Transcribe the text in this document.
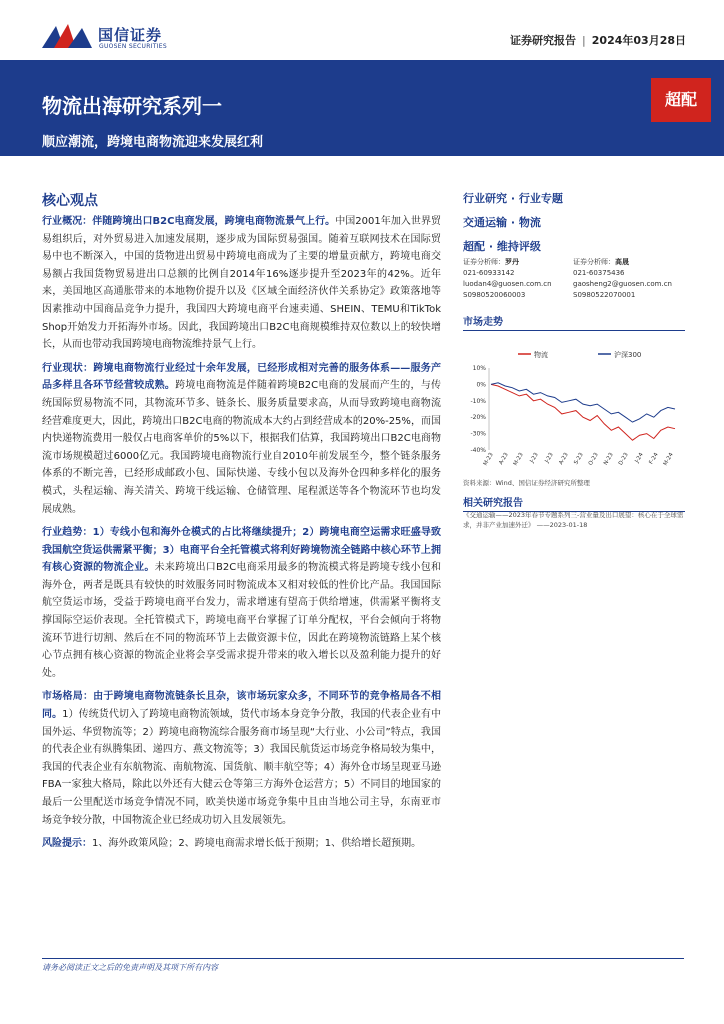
国信证券
GUOSEN SECURITIES	证券研究报告 | 2024年03月28日
物流出海研究系列一
顺应潮流，跨境电商物流迎来发展红利
超配
核心观点

行业概况：伴随跨境出口B2C电商发展，跨境电商物流景气上行。中国2001年加入世界贸易组织后，对外贸易进入加速发展期，逐步成为国际贸易强国。随着互联网技术在国际贸易中也不断深入，中国的货物进出贸易中跨境电商成为了主要的增量贡献方，跨境电商交易额占我国货物贸易进出口总额的比例自2014年16%逐步提升至2023年的42%。近年来，美国地区高通胀带来的本地物价提升以及《区域全面经济伙伴关系协定》政策落地等因素推动中国商品竞争力提升，我国四大跨境电商平台速卖通、SHEIN、TEMU和TikTok Shop开始发力开拓海外市场。因此，我国跨境出口B2C电商规模维持双位数以上的较快增长，从而也带动我国跨境电商物流维持景气上行。

行业现状：跨境电商物流行业经过十余年发展，已经形成相对完善的服务体系——服务产品多样且各环节经营较成熟。跨境电商物流是伴随着跨境B2C电商的发展而产生的，与传统国际贸易物流不同，其物流环节多、链条长、服务质量要求高，从而导致跨境电商物流经营难度更大，因此，跨境出口B2C电商的物流成本大约占到经营成本的20%-25%，而国内快递物流费用一般仅占电商客单价的5%以下，根据我们估算，我国跨境出口B2C电商物流市场规模超过6000亿元。我国跨境电商物流行业自2010年前发展至今，整个链条服务体系的不断完善，已经形成邮政小包、国际快递、专线小包以及海外仓四种多样化的服务模式，头程运输、海关清关、跨境干线运输、仓储管理、尾程派送等各个物流环节也均发展成熟。

行业趋势：1）专线小包和海外仓模式的占比将继续提升；2）跨境电商空运需求旺盛导致我国航空货运供需紧平衡；3）电商平台全托管模式将利好跨境物流全链路中核心环节上拥有核心资源的物流企业。未来跨境出口B2C电商采用最多的物流模式将是跨境专线小包和海外仓，两者是既具有较快的时效服务同时物流成本又相对较低的性价比产品。我国国际航空货运市场，受益于跨境电商平台发力，需求增速有望高于供给增速，供需紧平衡将支撑国际空运价表现。全托管模式下，跨境电商平台掌握了订单分配权，平台会倾向于将物流环节进行切割、然后在不同的物流环节上去做资源卡位，因此在跨境物流链路上某个核心节点拥有核心资源的物流企业将会享受需求提升带来的收入增长以及盈利能力提升的好处。

市场格局：由于跨境电商物流链条长且杂，该市场玩家众多，不同环节的竞争格局各不相同。1）传统货代切入了跨境电商物流领域，货代市场本身竞争分散，我国的代表企业有中国外运、华贸物流等；2）跨境电商物流综合服务商市场呈现“大行业、小公司”特点，我国的代表企业有纵腾集团、递四方、燕文物流等；3）我国民航货运市场竞争格局较为集中，我国的代表企业有东航物流、南航物流、国货航、顺丰航空等；4）海外仓市场呈现亚马逊FBA一家独大格局，除此以外还有大健云仓等第三方海外仓运营方；5）不同目的地国家的最后一公里配送市场竞争情况不同，欧美快递市场竞争集中且由当地公司主导，东南亚市场竞争较分散，中国物流企业已经成功切入且发展领先。

风险提示：1、海外政策风险；2、跨境电商需求增长低于预期；1、供给增长超预期。

行业研究 · 行业专题
交通运输 · 物流
超配 · 维持评级
证券分析师：罗丹
021-60933142
luodan4@guosen.com.cn
S0980520060003
证券分析师：高晟
021-60375436
gaosheng2@guosen.com.cn
S0980522070001
市场走势
物流	沪深300
10%
0%
-10%
-20%
-30%
-40%
M-23 A-23 M-23 J-23 J-23 A-23 S-23 O-23 N-23 D-23 J-24 F-24 M-24
资料来源：Wind、国信证券经济研究所整理
相关研究报告
《交通运输——2023年春节专题系列三-营业量及出口展望：核心在于全球需求，并非产业加速外迁》 ——2023-01-18
请务必阅读正文之后的免责声明及其项下所有内容
